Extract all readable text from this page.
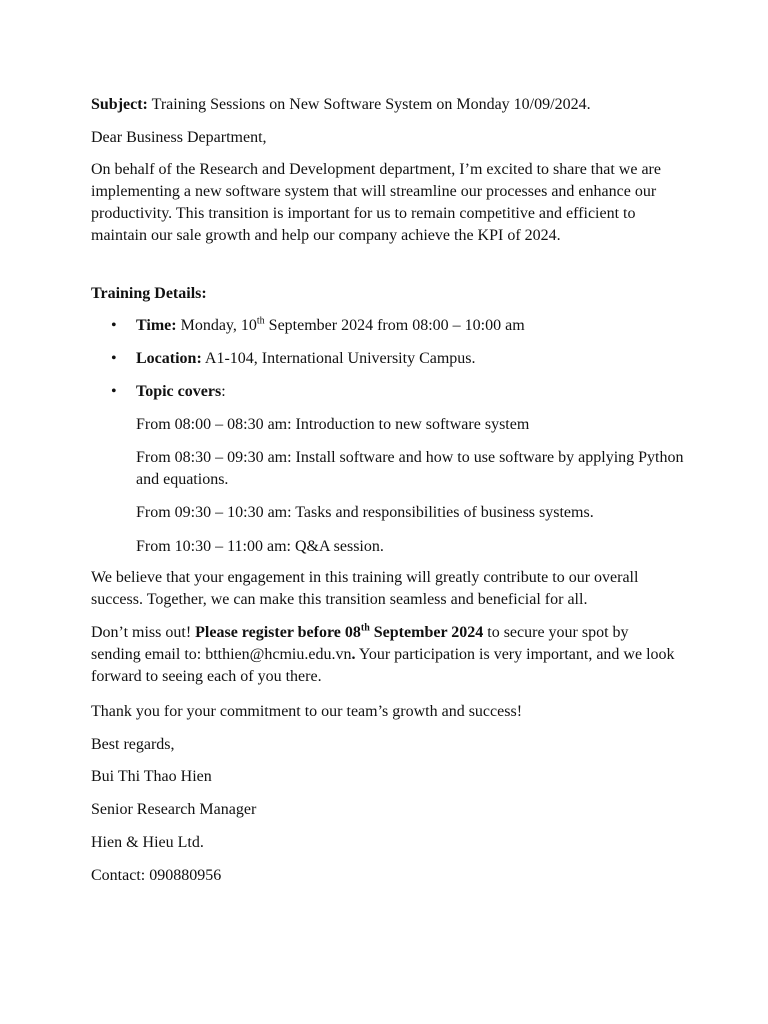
Subject: Training Sessions on New Software System on Monday 10/09/2024.

Dear Business Department,

On behalf of the Research and Development department, I’m excited to share that we are implementing a new software system that will streamline our processes and enhance our productivity. This transition is important for us to remain competitive and efficient to maintain our sale growth and help our company achieve the KPI of 2024.

Training Details:

• Time: Monday, 10th September 2024 from 08:00 – 10:00 am

• Location: A1-104, International University Campus.

• Topic covers:

From 08:00 – 08:30 am: Introduction to new software system

From 08:30 – 09:30 am: Install software and how to use software by applying Python and equations.

From 09:30 – 10:30 am: Tasks and responsibilities of business systems.

From 10:30 – 11:00 am: Q&A session.

We believe that your engagement in this training will greatly contribute to our overall success. Together, we can make this transition seamless and beneficial for all.

Don’t miss out! Please register before 08th September 2024 to secure your spot by sending email to: btthien@hcmiu.edu.vn. Your participation is very important, and we look forward to seeing each of you there.

Thank you for your commitment to our team’s growth and success!

Best regards,

Bui Thi Thao Hien

Senior Research Manager

Hien & Hieu Ltd.

Contact: 090880956
